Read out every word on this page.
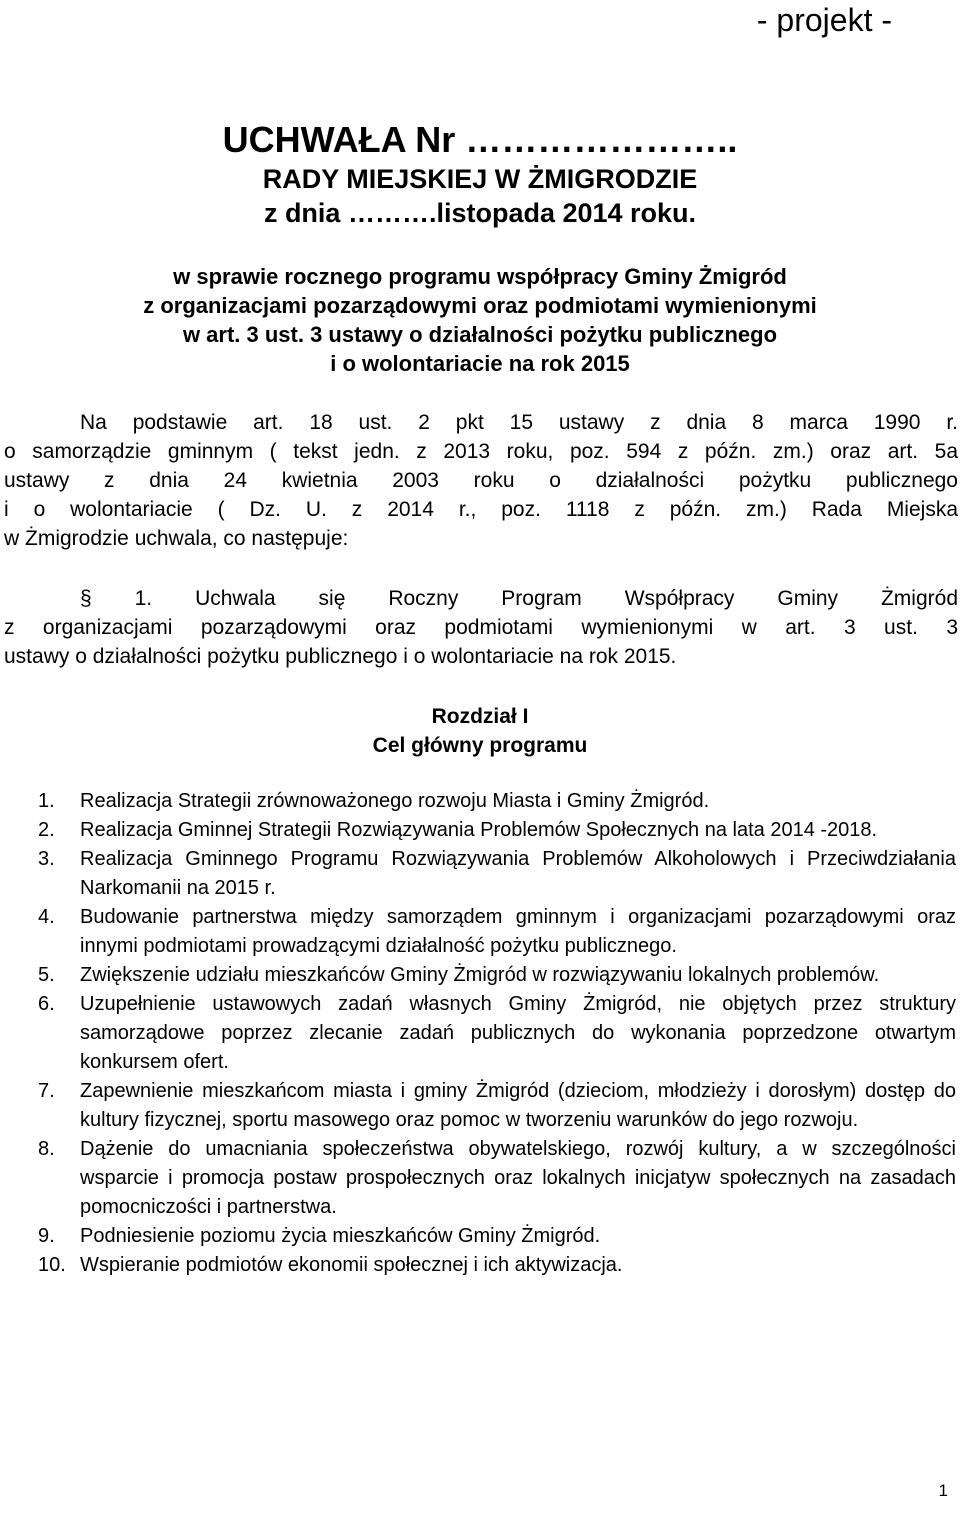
- projekt -
UCHWAŁA Nr …………………..
RADY MIEJSKIEJ W ŻMIGRODZIE
z dnia ……….listopada 2014 roku.
w sprawie rocznego programu współpracy Gminy Żmigród
z organizacjami pozarządowymi oraz podmiotami wymienionymi
w art. 3 ust. 3 ustawy o działalności pożytku publicznego
i o wolontariacie na rok 2015
Na podstawie art. 18 ust. 2 pkt 15 ustawy z dnia 8 marca 1990 r.
o samorządzie gminnym ( tekst jedn. z 2013 roku, poz. 594 z późn. zm.) oraz art. 5a
ustawy z dnia 24 kwietnia 2003 roku o działalności pożytku publicznego
i o wolontariacie ( Dz. U. z 2014 r., poz. 1118 z późn. zm.) Rada Miejska
w Żmigrodzie uchwala, co następuje:
§ 1. Uchwala się Roczny Program Współpracy Gminy Żmigród
z organizacjami pozarządowymi oraz podmiotami wymienionymi w art. 3 ust. 3
ustawy o działalności pożytku publicznego i o wolontariacie na rok 2015.
Rozdział I
Cel główny programu
1.	Realizacja Strategii zrównoważonego rozwoju Miasta i Gminy Żmigród.
2.	Realizacja Gminnej Strategii Rozwiązywania Problemów Społecznych na lata 2014 -2018.
3.	Realizacja Gminnego Programu Rozwiązywania Problemów Alkoholowych i Przeciwdziałania Narkomanii na 2015 r.
4.	Budowanie partnerstwa między samorządem gminnym i organizacjami pozarządowymi oraz innymi podmiotami prowadzącymi działalność pożytku publicznego.
5.	Zwiększenie udziału mieszkańców Gminy Żmigród w rozwiązywaniu lokalnych problemów.
6.	Uzupełnienie ustawowych zadań własnych Gminy Żmigród, nie objętych przez struktury samorządowe poprzez zlecanie zadań publicznych do wykonania poprzedzone otwartym konkursem ofert.
7.	Zapewnienie mieszkańcom miasta i gminy Żmigród (dzieciom, młodzieży i dorosłym) dostęp do kultury fizycznej, sportu masowego oraz pomoc w tworzeniu warunków do jego rozwoju.
8.	Dążenie do umacniania społeczeństwa obywatelskiego, rozwój kultury, a w szczególności wsparcie i promocja postaw prospołecznych oraz lokalnych inicjatyw społecznych na zasadach pomocniczości i partnerstwa.
9.	Podniesienie poziomu życia mieszkańców Gminy Żmigród.
10. Wspieranie podmiotów ekonomii społecznej i ich aktywizacja.
1
